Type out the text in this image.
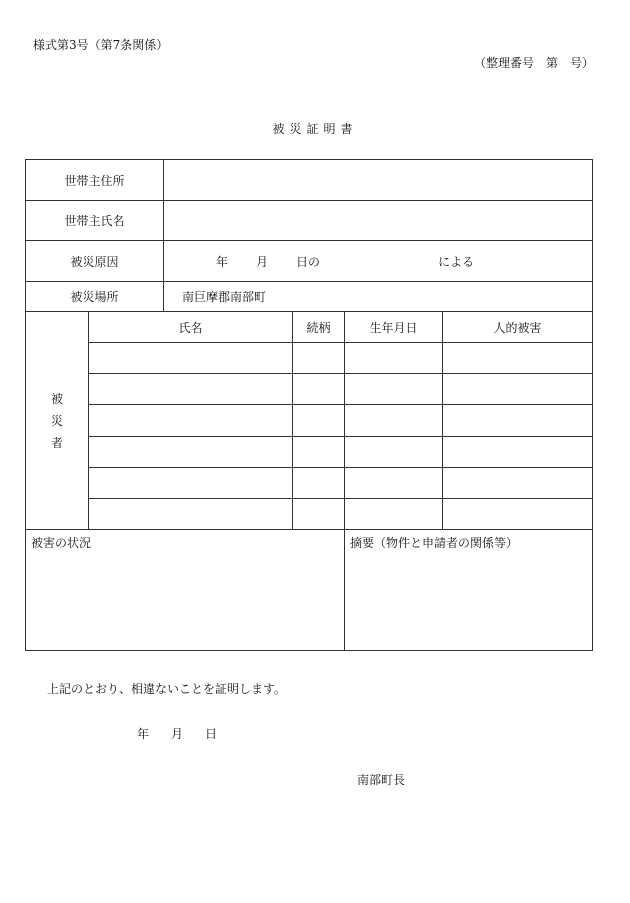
様式第3号（第7条関係）
（整理番号　第　号）
被災証明書
世帯主住所					
世帯主氏名					
被災原因		年 月 日の による			
被災場所		南巨摩郡南部町			
被
災
者	氏名		続柄	生年月日	人的被害

被害の状況				摘要（物件と申請者の関係等）	
上記のとおり、相違ないことを証明します。
年 月 日
南部町長
